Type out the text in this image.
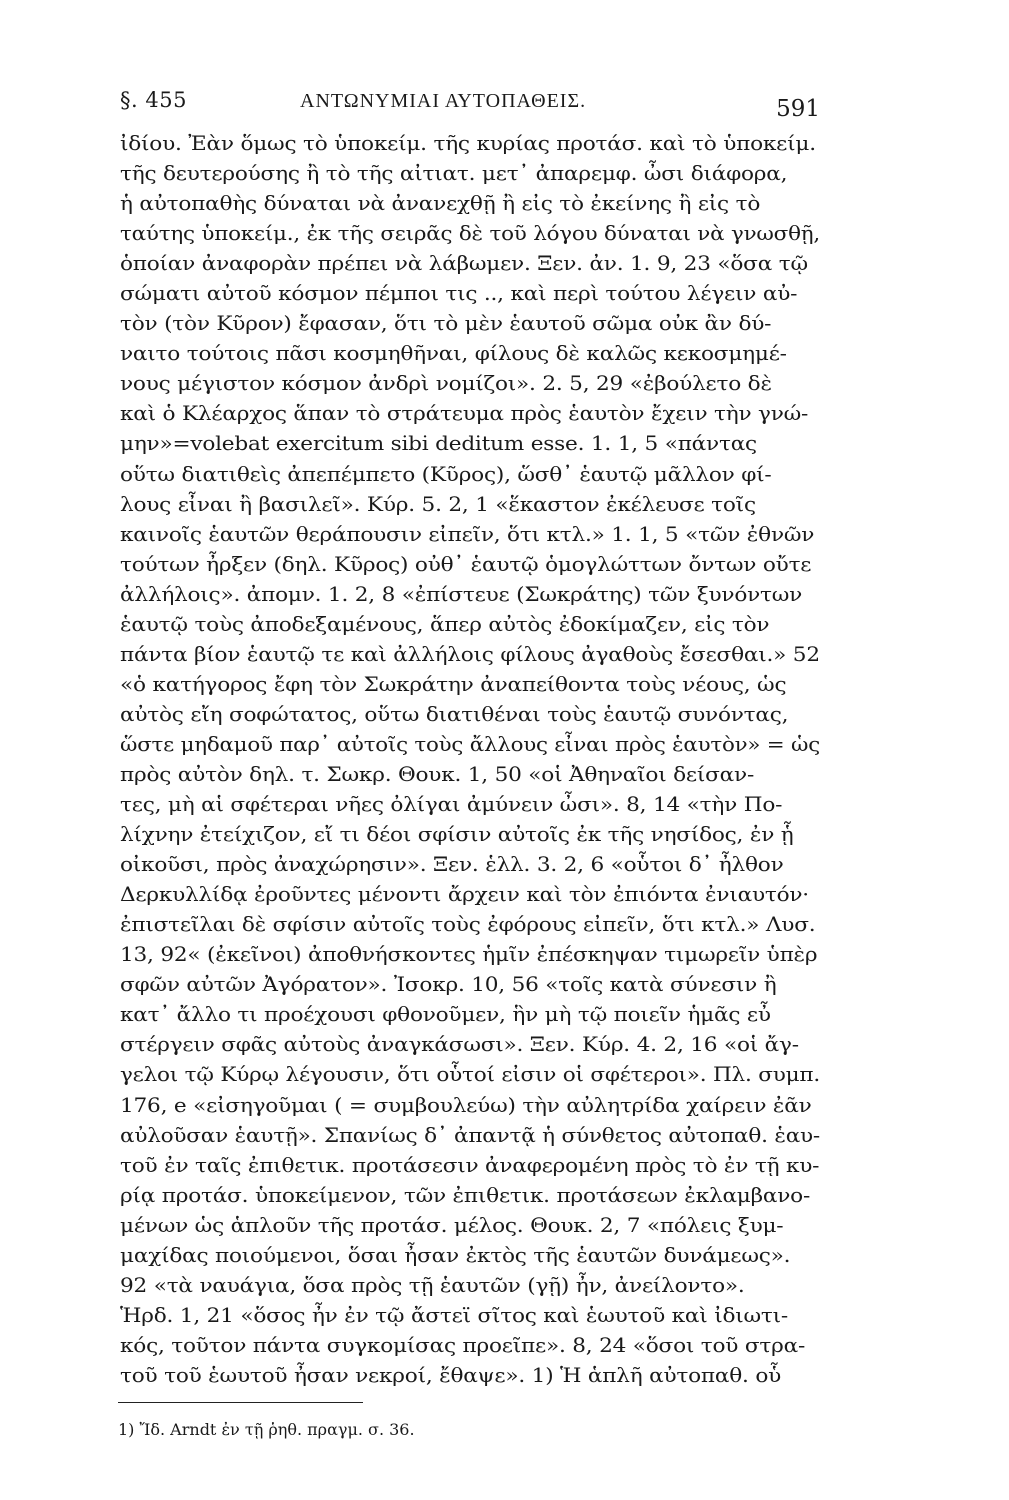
§. 455	ΑΝΤΩΝΥΜΙΑΙ ΑΥΤΟΠΑΘΕΙΣ.	591
ἰδίου. Ἐὰν ὅμως τὸ ὑποκείμ. τῆς κυρίας προτάσ. καὶ τὸ ὑποκείμ.
τῆς δευτερούσης ἢ τὸ τῆς αἰτιατ. μετ᾽ ἀπαρεμφ. ὦσι διάφορα,
ἡ αὐτοπαθὴς δύναται νὰ ἀνανεχθῇ ἢ εἰς τὸ ἐκείνης ἢ εἰς τὸ
ταύτης ὑποκείμ., ἐκ τῆς σειρᾶς δὲ τοῦ λόγου δύναται νὰ γνωσθῇ,
ὁποίαν ἀναφορὰν πρέπει νὰ λάβωμεν. Ξεν. ἀν. 1. 9, 23 «ὅσα τῷ
σώματι αὐτοῦ κόσμον πέμποι τις .., καὶ περὶ τούτου λέγειν αὐ-
τὸν (τὸν Κῦρον) ἔφασαν, ὅτι τὸ μὲν ἑαυτοῦ σῶμα οὐκ ἂν δύ-
ναιτο τούτοις πᾶσι κοσμηθῆναι, φίλους δὲ καλῶς κεκοσμημέ-
νους μέγιστον κόσμον ἀνδρὶ νομίζοι». 2. 5, 29 «ἐβούλετο δὲ
καὶ ὁ Κλέαρχος ἅπαν τὸ στράτευμα πρὸς ἑαυτὸν ἔχειν τὴν γνώ-
μην»=volebat exercitum sibi deditum esse. 1. 1, 5 «πάντας
οὕτω διατιθεὶς ἀπεπέμπετο (Κῦρος), ὥσθ᾽ ἑαυτῷ μᾶλλον φί-
λους εἶναι ἢ βασιλεῖ». Κύρ. 5. 2, 1 «ἕκαστον ἐκέλευσε τοῖς
καινοῖς ἑαυτῶν θεράπουσιν εἰπεῖν, ὅτι κτλ.» 1. 1, 5 «τῶν ἐθνῶν
τούτων ἦρξεν (δηλ. Κῦρος) οὐθ᾽ ἑαυτῷ ὁμογλώττων ὄντων οὔτε
ἀλλήλοις». ἀπομν. 1. 2, 8 «ἐπίστευε (Σωκράτης) τῶν ξυνόντων
ἑαυτῷ τοὺς ἀποδεξαμένους, ἅπερ αὐτὸς ἐδοκίμαζεν, εἰς τὸν
πάντα βίον ἑαυτῷ τε καὶ ἀλλήλοις φίλους ἀγαθοὺς ἔσεσθαι.» 52
«ὁ κατήγορος ἔφη τὸν Σωκράτην ἀναπείθοντα τοὺς νέους, ὡς
αὐτὸς εἴη σοφώτατος, οὕτω διατιθέναι τοὺς ἑαυτῷ συνόντας,
ὥστε μηδαμοῦ παρ᾽ αὐτοῖς τοὺς ἄλλους εἶναι πρὸς ἑαυτὸν» = ὡς
πρὸς αὐτὸν δηλ. τ. Σωκρ. Θουκ. 1, 50 «οἱ Ἀθηναῖοι δείσαν-
τες, μὴ αἱ σφέτεραι νῆες ὀλίγαι ἀμύνειν ὦσι». 8, 14 «τὴν Πο-
λίχνην ἐτείχιζον, εἴ τι δέοι σφίσιν αὐτοῖς ἐκ τῆς νησίδος, ἐν ᾗ
οἰκοῦσι, πρὸς ἀναχώρησιν». Ξεν. ἑλλ. 3. 2, 6 «οὗτοι δ᾽ ἦλθον
Δερκυλλίδᾳ ἐροῦντες μένοντι ἄρχειν καὶ τὸν ἐπιόντα ἐνιαυτόν·
ἐπιστεῖλαι δὲ σφίσιν αὐτοῖς τοὺς ἐφόρους εἰπεῖν, ὅτι κτλ.» Λυσ.
13, 92« (ἐκεῖνοι) ἀποθνήσκοντες ἡμῖν ἐπέσκηψαν τιμωρεῖν ὑπὲρ
σφῶν αὐτῶν Ἀγόρατον». Ἰσοκρ. 10, 56 «τοῖς κατὰ σύνεσιν ἢ
κατ᾽ ἄλλο τι προέχουσι φθονοῦμεν, ἣν μὴ τῷ ποιεῖν ἡμᾶς εὖ
στέργειν σφᾶς αὐτοὺς ἀναγκάσωσι». Ξεν. Κύρ. 4. 2, 16 «οἱ ἄγ-
γελοι τῷ Κύρῳ λέγουσιν, ὅτι οὗτοί εἰσιν οἱ σφέτεροι». Πλ. συμπ.
176, e «εἰσηγοῦμαι ( = συμβουλεύω) τὴν αὐλητρίδα χαίρειν ἐᾶν
αὐλοῦσαν ἑαυτῇ». Σπανίως δ᾽ ἀπαντᾷ ἡ σύνθετος αὐτοπαθ. ἑαυ-
τοῦ ἐν ταῖς ἐπιθετικ. προτάσεσιν ἀναφερομένη πρὸς τὸ ἐν τῇ κυ-
ρίᾳ προτάσ. ὑποκείμενον, τῶν ἐπιθετικ. προτάσεων ἐκλαμβανο-
μένων ὡς ἁπλοῦν τῆς προτάσ. μέλος. Θουκ. 2, 7 «πόλεις ξυμ-
μαχίδας ποιούμενοι, ὅσαι ἦσαν ἐκτὸς τῆς ἑαυτῶν δυνάμεως».
92 «τὰ ναυάγια, ὅσα πρὸς τῇ ἑαυτῶν (γῇ) ἦν, ἀνείλοντο».
Ἡρδ. 1, 21 «ὅσος ἦν ἐν τῷ ἄστεϊ σῖτος καὶ ἑωυτοῦ καὶ ἰδιωτι-
κός, τοῦτον πάντα συγκομίσας προεῖπε». 8, 24 «ὅσοι τοῦ στρα-
τοῦ τοῦ ἑωυτοῦ ἦσαν νεκροί, ἔθαψε». 1) Ἡ ἁπλῆ αὐτοπαθ. οὗ
1) Ἴδ. Arndt ἐν τῇ ῥηθ. πραγμ. σ. 36.
